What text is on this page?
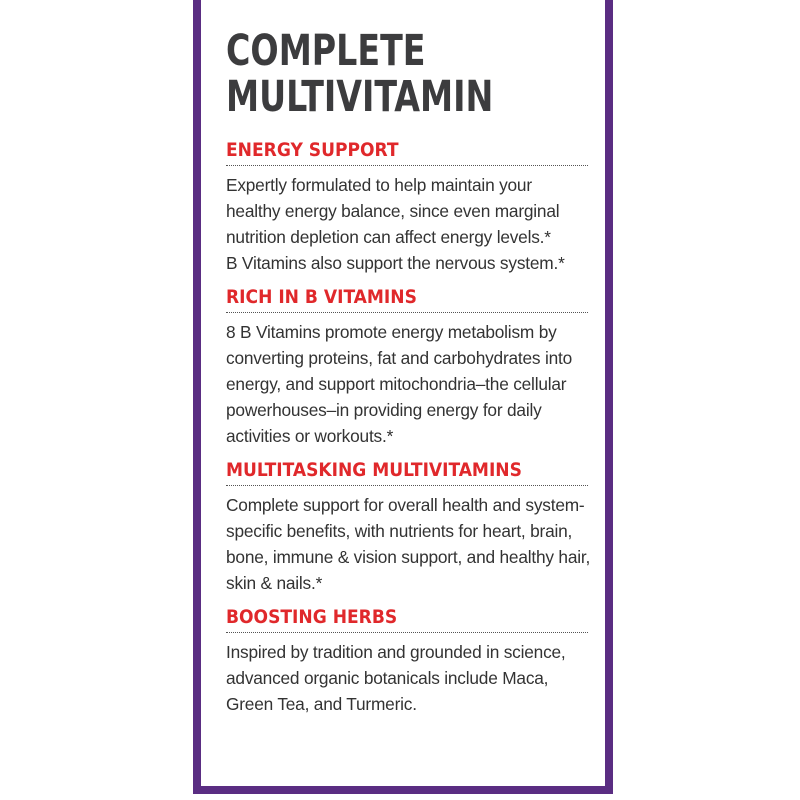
COMPLETE
MULTIVITAMIN
ENERGY SUPPORT

Expertly formulated to help maintain your
healthy energy balance, since even marginal
nutrition depletion can affect energy levels.*
B Vitamins also support the nervous system.*

RICH IN B VITAMINS

8 B Vitamins promote energy metabolism by
converting proteins, fat and carbohydrates into
energy, and support mitochondria–the cellular
powerhouses–in providing energy for daily
activities or workouts.*

MULTITASKING MULTIVITAMINS

Complete support for overall health and system-
specific benefits, with nutrients for heart, brain,
bone, immune & vision support, and healthy hair,
skin & nails.*

BOOSTING HERBS

Inspired by tradition and grounded in science,
advanced organic botanicals include Maca,
Green Tea, and Turmeric.
